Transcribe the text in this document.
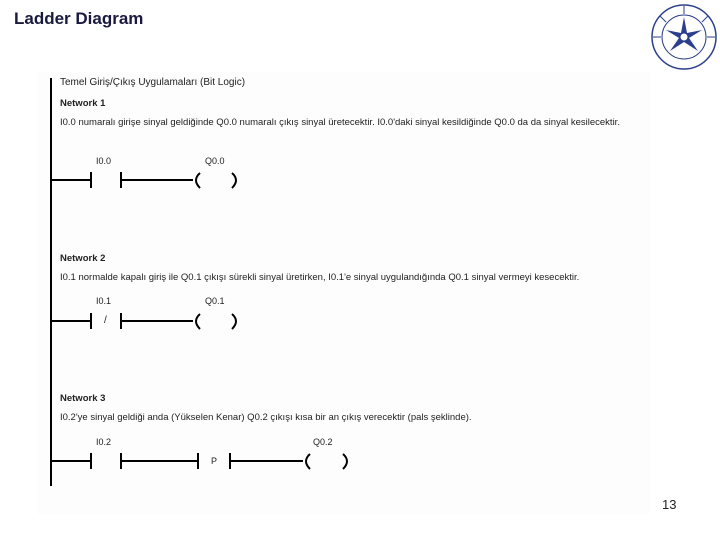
Ladder Diagram
Temel Giriş/Çıkış Uygulamaları (Bit Logic)
Network 1
I0.0 numaralı girişe sinyal geldiğinde Q0.0 numaralı çıkış sinyal üretecektir. I0.0'daki sinyal kesildiğinde Q0.0 da da sinyal kesilecektir.
I0.0	Q0.0
Network 2
I0.1 normalde kapalı giriş ile Q0.1 çıkışı sürekli sinyal üretirken, I0.1'e sinyal uygulandığında Q0.1 sinyal vermeyi kesecektir.
I0.1	Q0.1
/
Network 3
I0.2'ye sinyal geldiği anda (Yükselen Kenar) Q0.2 çıkışı kısa bir an çıkış verecektir (pals şeklinde).
I0.2	Q0.2
P
13
